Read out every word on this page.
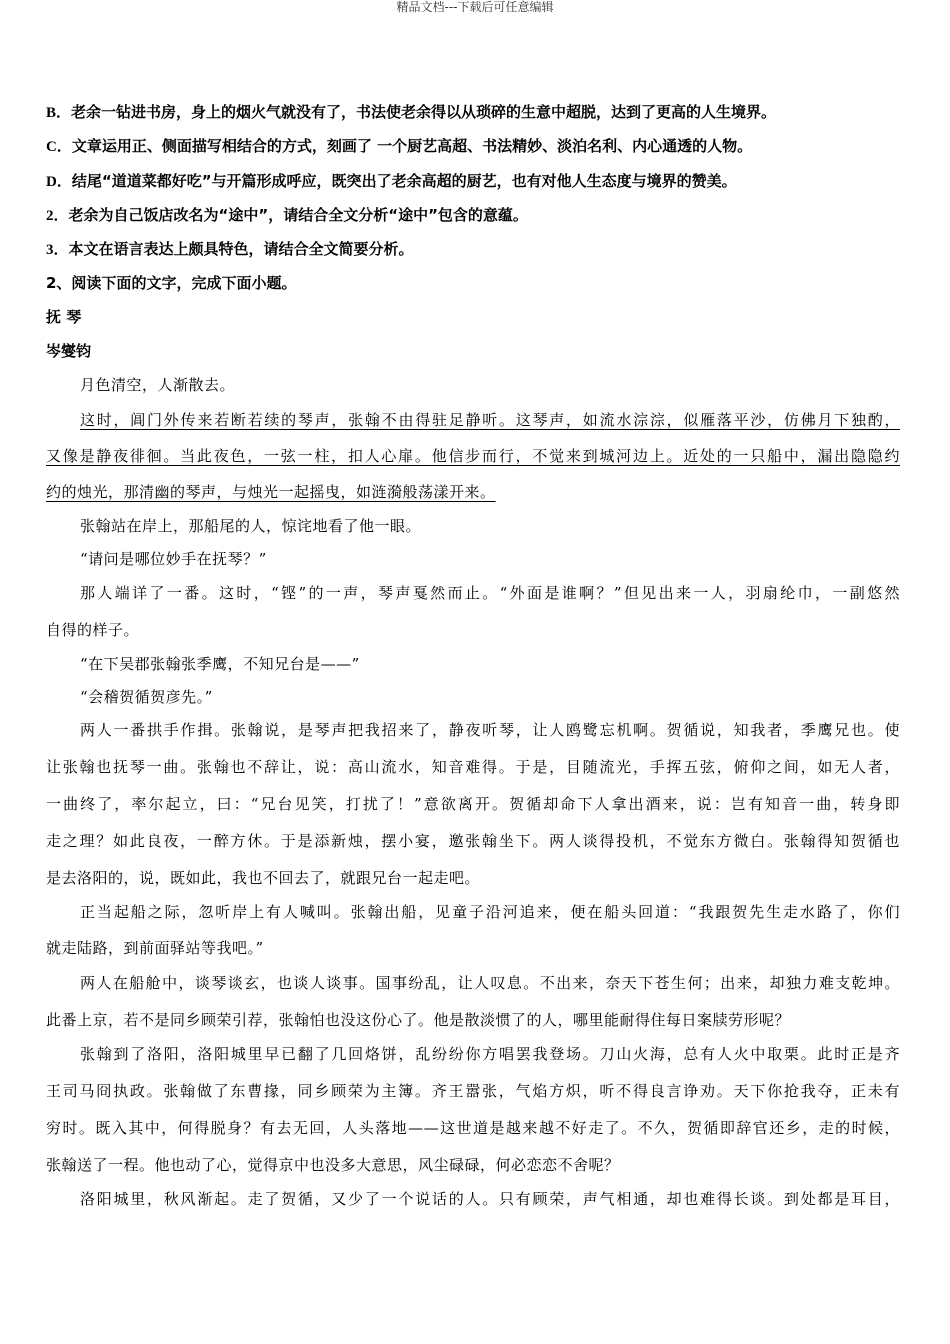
精品文档---下载后可任意编辑
B．老余一钻进书房，身上的烟火气就没有了，书法使老余得以从琐碎的生意中超脱，达到了更高的人生境界。
C．文章运用正、侧面描写相结合的方式，刻画了 一个厨艺高超、书法精妙、淡泊名利、内心通透的人物。
D．结尾“道道菜都好吃”与开篇形成呼应，既突出了老余高超的厨艺，也有对他人生态度与境界的赞美。
2．老余为自己饭店改名为“途中”，请结合全文分析“途中”包含的意蕴。
3．本文在语言表达上颇具特色，请结合全文简要分析。
2、阅读下面的文字，完成下面小题。
抚 琴
岑燮钧
月色清空，人渐散去。
这时，阊门外传来若断若续的琴声，张翰不由得驻足静听。这琴声，如流水淙淙，似雁落平沙，仿佛月下独酌，
又像是静夜徘徊。当此夜色，一弦一柱，扣人心扉。他信步而行，不觉来到城河边上。近处的一只船中，漏出隐隐约
约的烛光，那清幽的琴声，与烛光一起摇曳，如涟漪般荡漾开来。
张翰站在岸上，那船尾的人，惊诧地看了他一眼。
“请问是哪位妙手在抚琴？”
那人端详了一番。这时，“铿”的一声，琴声戛然而止。“外面是谁啊？”但见出来一人，羽扇纶巾，一副悠然
自得的样子。
“在下吴郡张翰张季鹰，不知兄台是——”
“会稽贺循贺彦先。”
两人一番拱手作揖。张翰说，是琴声把我招来了，静夜听琴，让人鸥鹭忘机啊。贺循说，知我者，季鹰兄也。使
让张翰也抚琴一曲。张翰也不辞让，说：高山流水，知音难得。于是，目随流光，手挥五弦，俯仰之间，如无人者，
一曲终了，率尔起立，曰：“兄台见笑，打扰了！”意欲离开。贺循却命下人拿出酒来，说：岂有知音一曲，转身即
走之理？如此良夜，一醉方休。于是添新烛，摆小宴，邀张翰坐下。两人谈得投机，不觉东方微白。张翰得知贺循也
是去洛阳的，说，既如此，我也不回去了，就跟兄台一起走吧。
正当起船之际，忽听岸上有人喊叫。张翰出船，见童子沿河追来，便在船头回道：“我跟贺先生走水路了，你们
就走陆路，到前面驿站等我吧。”
两人在船舱中，谈琴谈玄，也谈人谈事。国事纷乱，让人叹息。不出来，奈天下苍生何；出来，却独力难支乾坤。
此番上京，若不是同乡顾荣引荐，张翰怕也没这份心了。他是散淡惯了的人，哪里能耐得住每日案牍劳形呢？
张翰到了洛阳，洛阳城里早已翻了几回烙饼，乱纷纷你方唱罢我登场。刀山火海，总有人火中取栗。此时正是齐
王司马冏执政。张翰做了东曹掾，同乡顾荣为主簿。齐王嚣张，气焰方炽，听不得良言诤劝。天下你抢我夺，正未有
穷时。既入其中，何得脱身？有去无回，人头落地——这世道是越来越不好走了。不久，贺循即辞官还乡，走的时候，
张翰送了一程。他也动了心，觉得京中也没多大意思，风尘碌碌，何必恋恋不舍呢？
洛阳城里，秋风渐起。走了贺循，又少了一个说话的人。只有顾荣，声气相通，却也难得长谈。到处都是耳目，
